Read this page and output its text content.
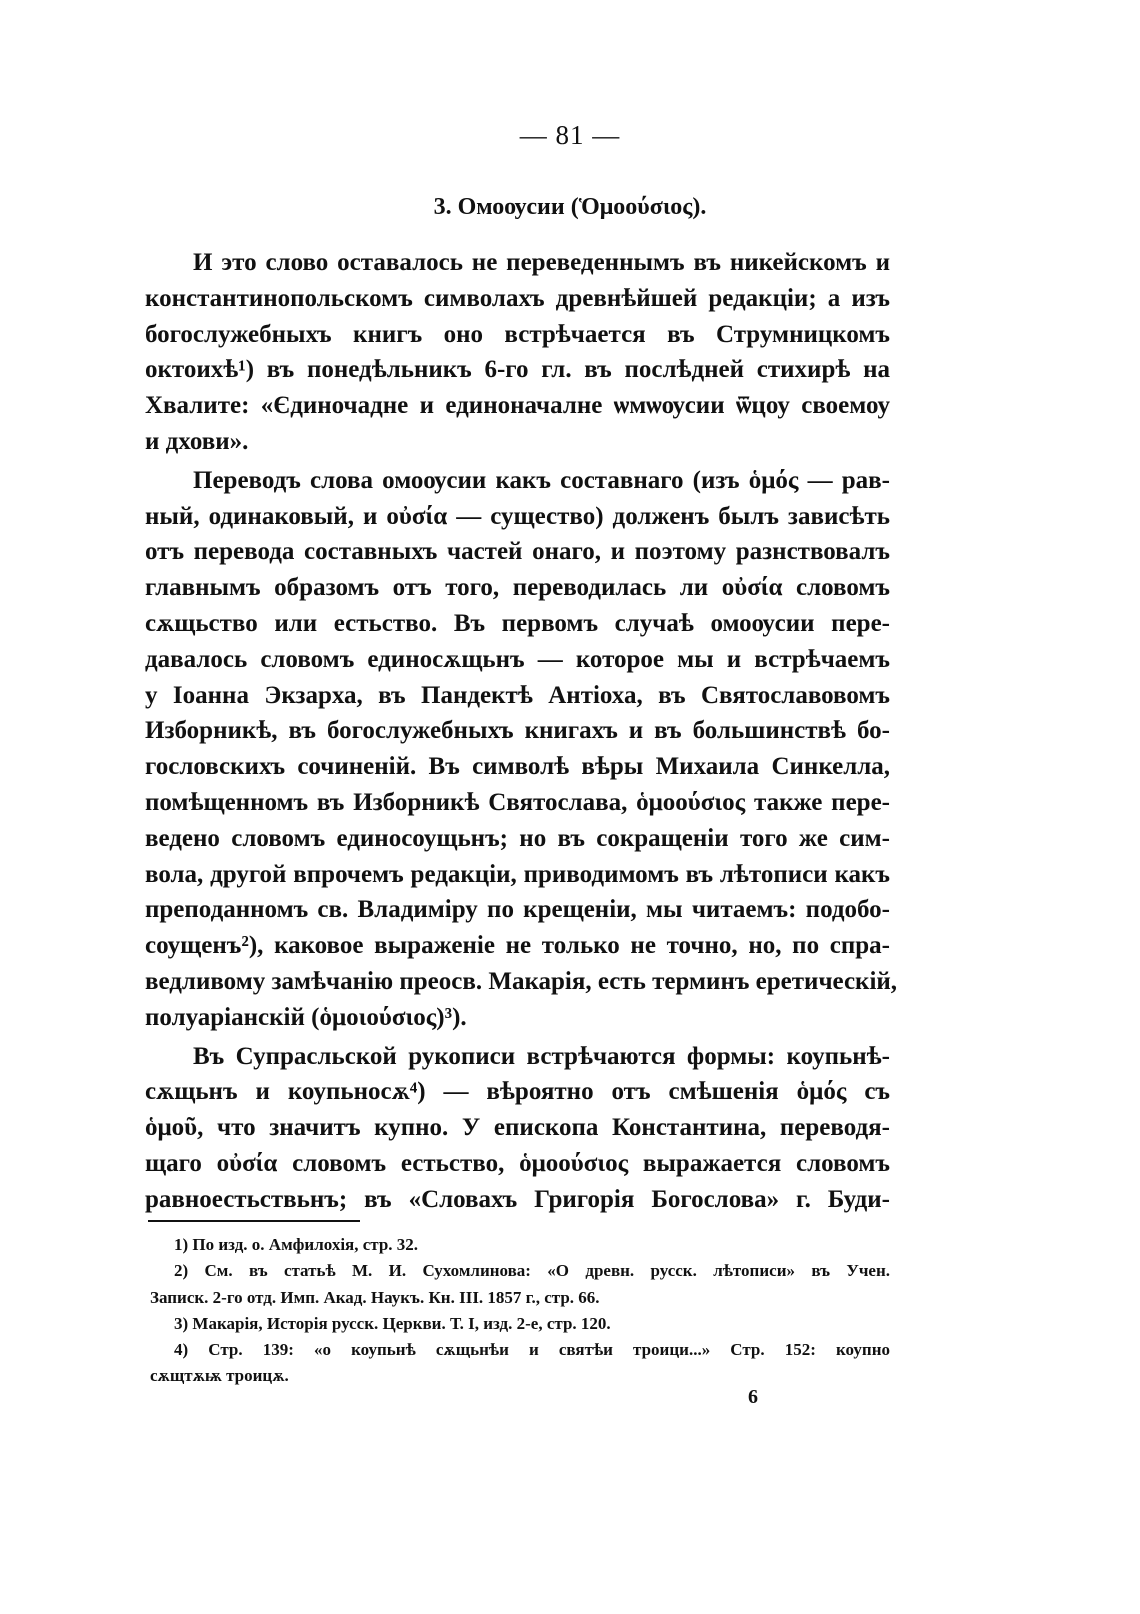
— 81 —
3. Омоѹсии (Ὁμοούσιος).
И это слово оставалось не переведеннымъ въ никейскомъ и
константинопольскомъ символахъ древнѣйшей редакціи; а изъ
богослужебныхъ книгъ оно встрѣчается въ Струмницкомъ
октоихѣ¹) въ понедѣльникъ 6-го гл. въ послѣдней стихирѣ на
Хвалите: «Єдиночадне и единоначалне ѡмѡѹсии ѿцоу своемоу
и дхови».
Переводъ слова омоѹсии какъ составнаго (изъ ὁμός — рав-
ный, одинаковый, и οὐσία — существо) долженъ былъ зависѣть
отъ перевода составныхъ частей онаго, и поэтому разнствовалъ
главнымъ образомъ отъ того, переводилась ли οὐσία словомъ
сѫщьство или естьство. Въ первомъ случаѣ омоѹсии пере-
давалось словомъ единосѫщьнъ — которое мы и встрѣчаемъ
у Іоанна Экзарха, въ Пандектѣ Антіоха, въ Святославовомъ
Изборникѣ, въ богослужебныхъ книгахъ и въ большинствѣ бо-
гословскихъ сочиненій. Въ символѣ вѣры Михаила Синкелла,
помѣщенномъ въ Изборникѣ Святослава, ὁμοούσιος также пере-
ведено словомъ единосоущьнъ; но въ сокращеніи того же сим-
вола, другой впрочемъ редакціи, приводимомъ въ лѣтописи какъ
преподанномъ св. Владиміру по крещеніи, мы читаемъ: подобо-
соущенъ²), каковое выраженіе не только не точно, но, по спра-
ведливому замѣчанію преосв. Макарія, есть терминъ еретическій,
полуаріанскій (ὁμοιούσιος)³).
Въ Супрасльской рукописи встрѣчаются формы: коупьнѣ-
сѫщьнъ и коупьносѫ⁴) — вѣроятно отъ смѣшенія ὁμός съ
ὁμοῦ, что значитъ купно. У епископа Константина, переводя-
щаго οὐσία словомъ естьство, ὁμοούσιος выражается словомъ
равноестьствьнъ; въ «Словахъ Григорія Богослова» г. Буди-
1) По изд. о. Амфилохія, стр. 32.
2) См. въ статьѣ М. И. Сухомлинова: «О древн. русск. лѣтописи» въ Учен.
Записк. 2-го отд. Имп. Акад. Наукъ. Кн. III. 1857 г., стр. 66.
3) Макарія, Исторія русск. Церкви. Т. I, изд. 2-е, стр. 120.
4) Стр. 139: «о коупьнѣ сѫщьнѣи и святѣи троици...» Стр. 152: коупно
сѫщтѫѭ троицѫ.
6
